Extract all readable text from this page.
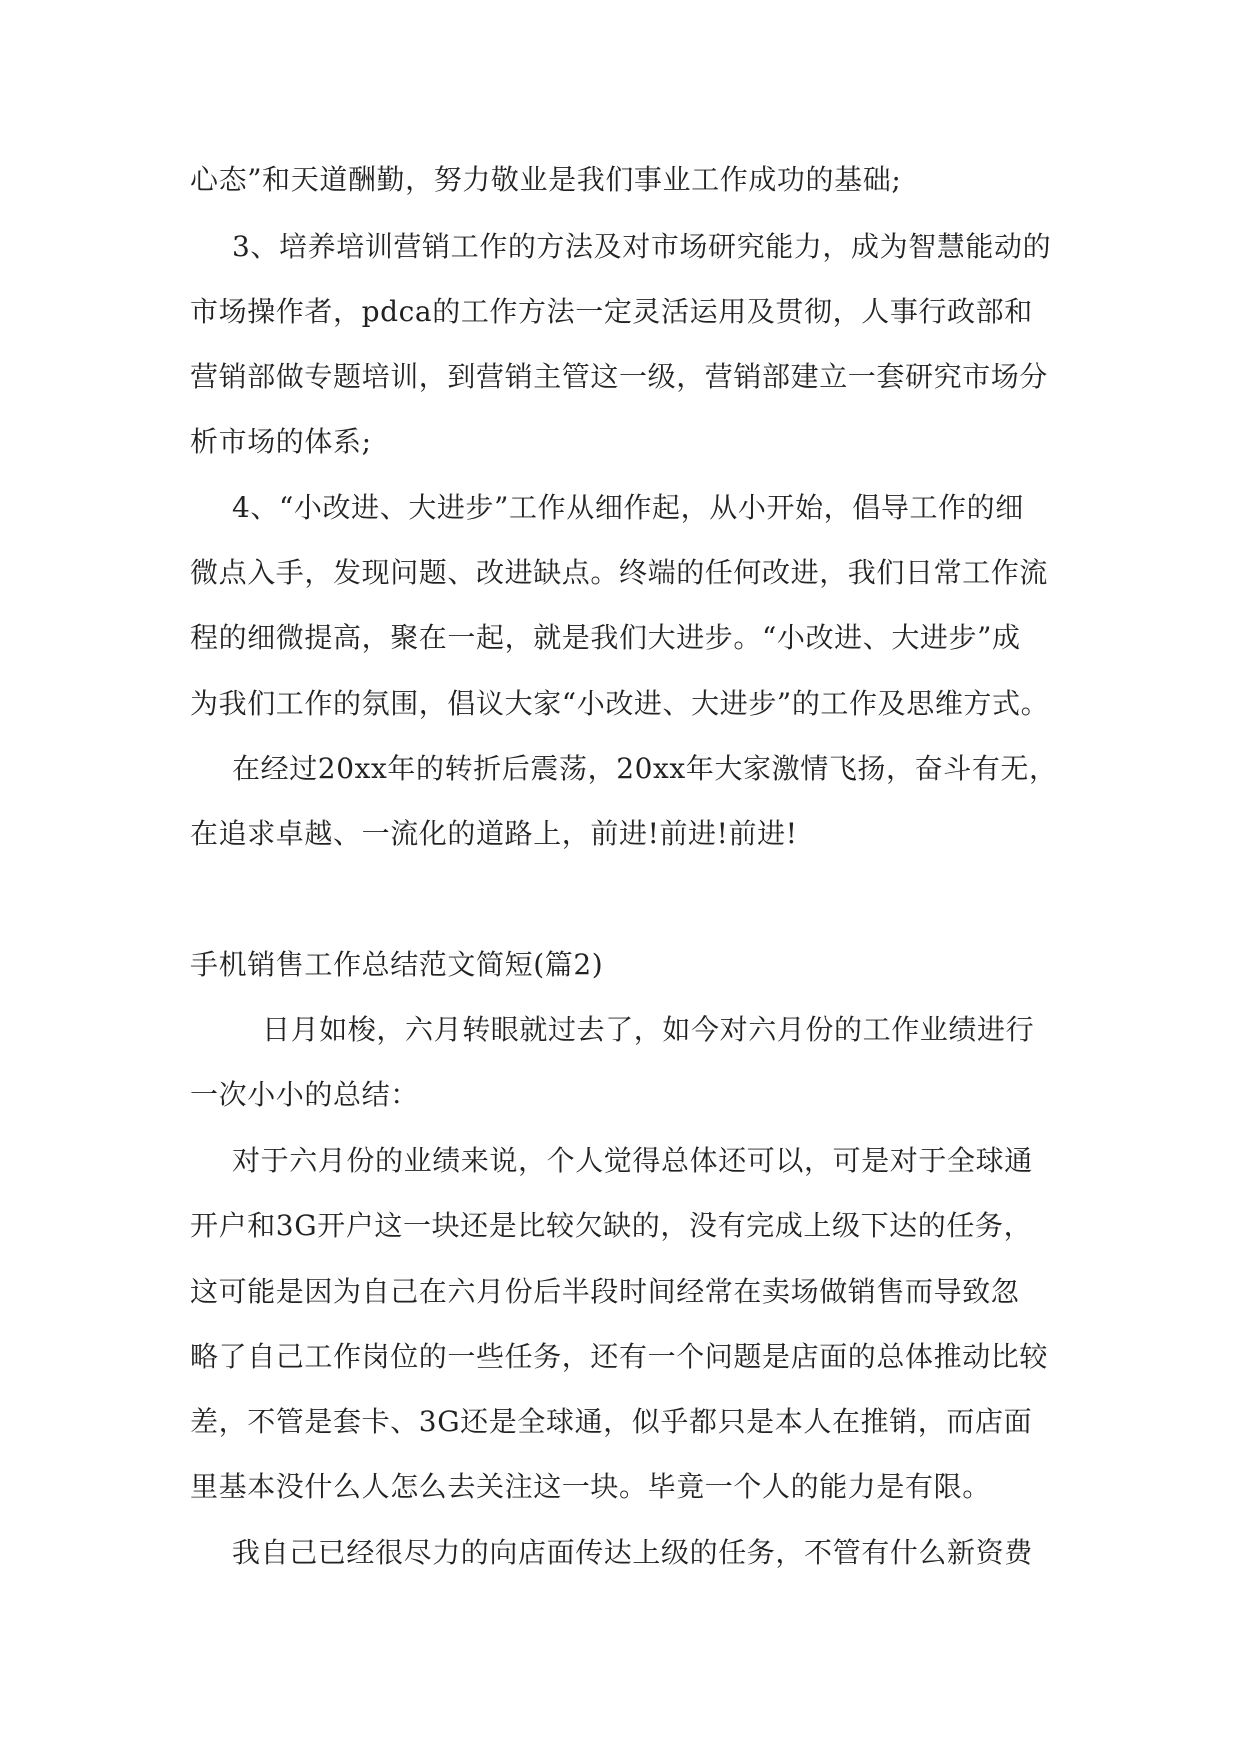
心态”和天道酬勤，努力敬业是我们事业工作成功的基础;
3、培养培训营销工作的方法及对市场研究能力，成为智慧能动的
市场操作者，pdca的工作方法一定灵活运用及贯彻，人事行政部和
营销部做专题培训，到营销主管这一级，营销部建立一套研究市场分
析市场的体系;
4、“小改进、大进步”工作从细作起，从小开始，倡导工作的细
微点入手，发现问题、改进缺点。终端的任何改进，我们日常工作流
程的细微提高，聚在一起，就是我们大进步。“小改进、大进步”成
为我们工作的氛围，倡议大家“小改进、大进步”的工作及思维方式。
在经过20xx年的转折后震荡，20xx年大家激情飞扬，奋斗有无，
在追求卓越、一流化的道路上，前进!前进!前进!
手机销售工作总结范文简短(篇2)
日月如梭，六月转眼就过去了，如今对六月份的工作业绩进行
一次小小的总结：
对于六月份的业绩来说，个人觉得总体还可以，可是对于全球通
开户和3G开户这一块还是比较欠缺的，没有完成上级下达的任务，
这可能是因为自己在六月份后半段时间经常在卖场做销售而导致忽
略了自己工作岗位的一些任务，还有一个问题是店面的总体推动比较
差，不管是套卡、3G还是全球通，似乎都只是本人在推销，而店面
里基本没什么人怎么去关注这一块。毕竟一个人的能力是有限。
我自己已经很尽力的向店面传达上级的任务，不管有什么新资费
